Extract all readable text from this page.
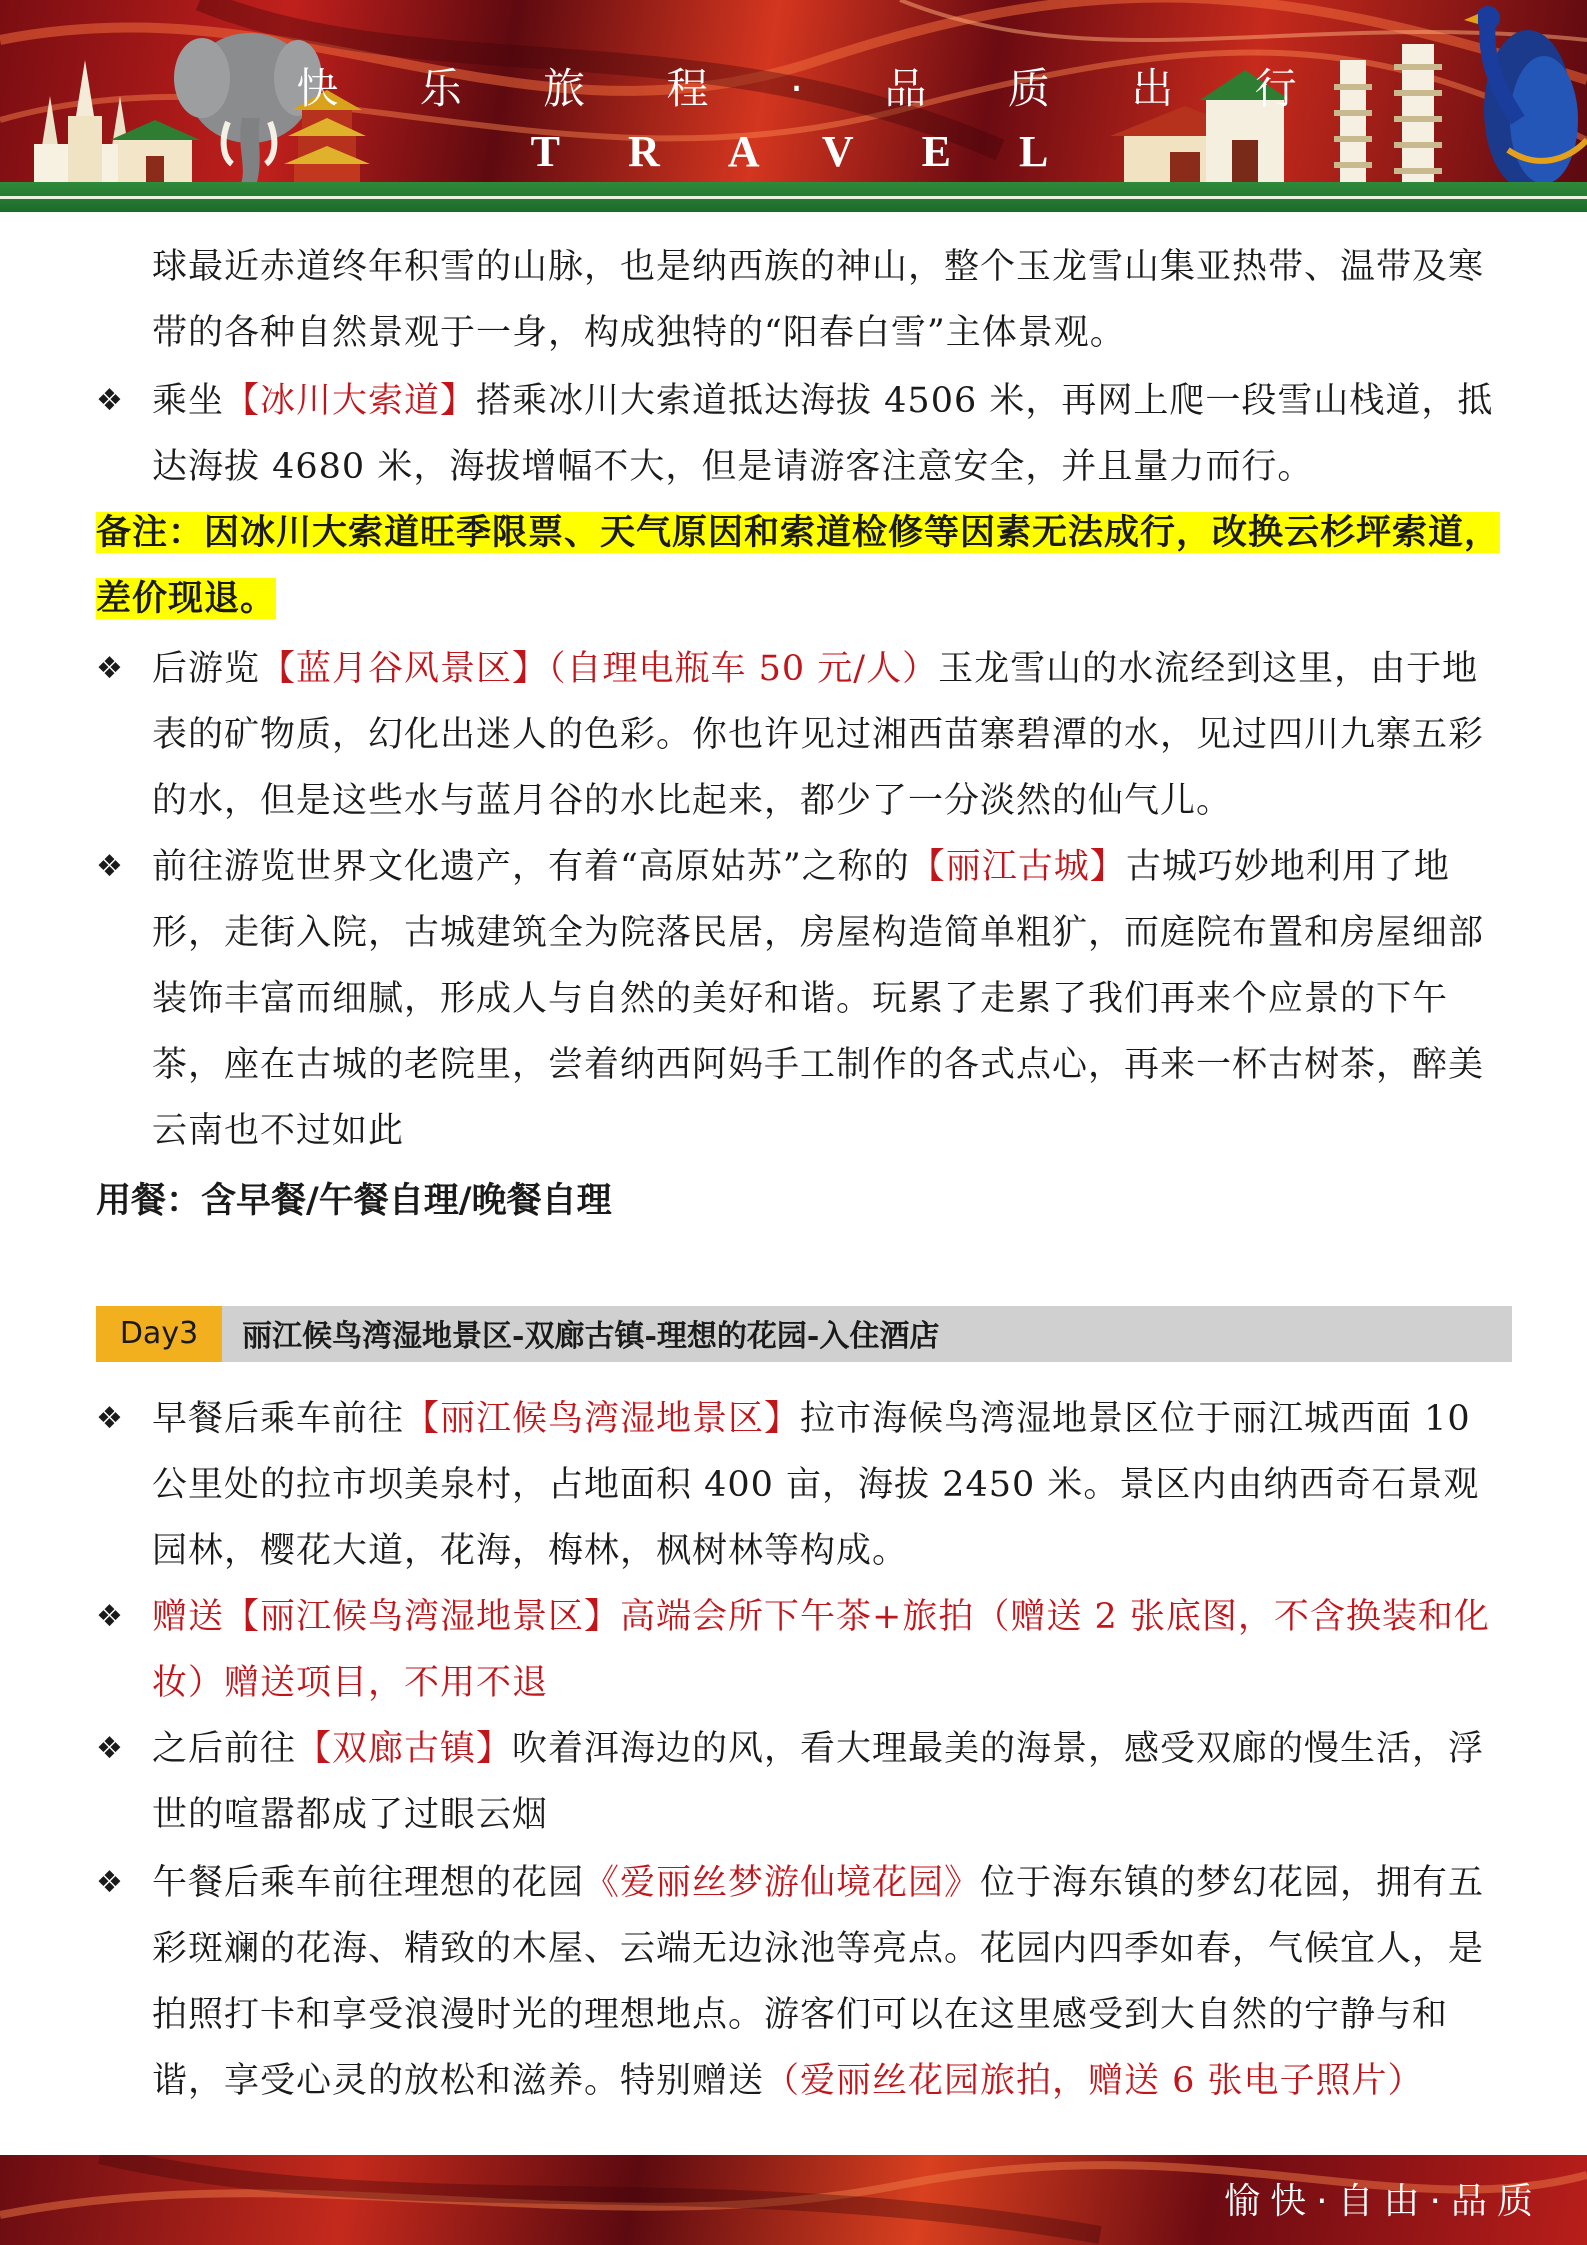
快 乐 旅 程 · 品 质 出 行
TRAVEL
球最近赤道终年积雪的山脉，也是纳西族的神山，整个玉龙雪山集亚热带、温带及寒带的各种自然景观于一身，构成独特的“阳春白雪”主体景观。
❖ 乘坐【冰川大索道】搭乘冰川大索道抵达海拔 4506 米，再网上爬一段雪山栈道，抵达海拔 4680 米，海拔增幅不大，但是请游客注意安全，并且量力而行。
备注：因冰川大索道旺季限票、天气原因和索道检修等因素无法成行，改换云杉坪索道，
差价现退。
❖ 后游览【蓝月谷风景区】（自理电瓶车 50 元/人）玉龙雪山的水流经到这里，由于地表的矿物质，幻化出迷人的色彩。你也许见过湘西苗寨碧潭的水，见过四川九寨五彩的水，但是这些水与蓝月谷的水比起来，都少了一分淡然的仙气儿。
❖ 前往游览世界文化遗产，有着“高原姑苏”之称的【丽江古城】古城巧妙地利用了地形，走街入院，古城建筑全为院落民居，房屋构造简单粗犷，而庭院布置和房屋细部装饰丰富而细腻，形成人与自然的美好和谐。玩累了走累了我们再来个应景的下午茶，座在古城的老院里，尝着纳西阿妈手工制作的各式点心，再来一杯古树茶，醉美云南也不过如此
用餐：含早餐/午餐自理/晚餐自理
Day3	丽江候鸟湾湿地景区-双廊古镇-理想的花园-入住酒店
❖ 早餐后乘车前往【丽江候鸟湾湿地景区】拉市海候鸟湾湿地景区位于丽江城西面 10 公里处的拉市坝美泉村，占地面积 400 亩，海拔 2450 米。景区内由纳西奇石景观园林，樱花大道，花海，梅林，枫树林等构成。
❖ 赠送【丽江候鸟湾湿地景区】高端会所下午茶+旅拍（赠送 2 张底图，不含换装和化妆）赠送项目，不用不退
❖ 之后前往【双廊古镇】吹着洱海边的风，看大理最美的海景，感受双廊的慢生活，浮世的喧嚣都成了过眼云烟
❖ 午餐后乘车前往理想的花园《爱丽丝梦游仙境花园》位于海东镇的梦幻花园，拥有五彩斑斓的花海、精致的木屋、云端无边泳池等亮点。花园内四季如春，气候宜人，是拍照打卡和享受浪漫时光的理想地点。游客们可以在这里感受到大自然的宁静与和谐，享受心灵的放松和滋养。特别赠送（爱丽丝花园旅拍，赠送 6 张电子照片）
愉快·自由·品质
